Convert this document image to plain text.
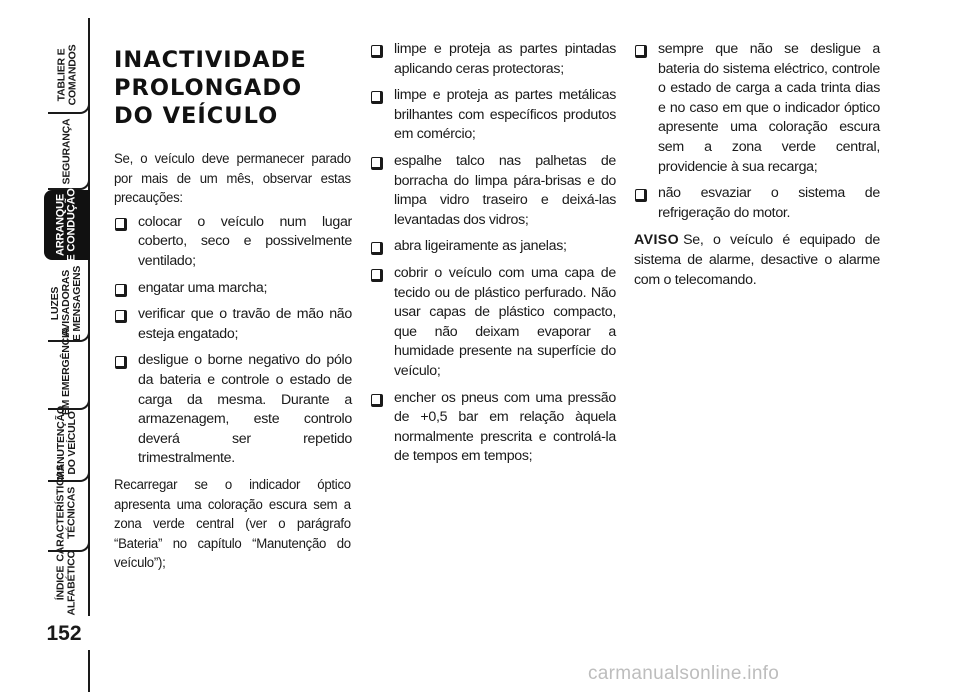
TABLIER E
COMANDOS
SEGURANÇA
ARRANQUE
E CONDUÇÃO
LUZES
AVISADORAS
E MENSAGENS
EM EMERGÊNCIA
MANUTENÇÃO
DO VEÍCULO
CARACTERÍSTICAS
TÉCNICAS
ÍNDICE
ALFABÉTICO
152
INACTIVIDADE
PROLONGADO
DO VEÍCULO

Se, o veículo deve permanecer parado por mais de um mês, observar estas precauções:

colocar o veículo num lugar coberto, seco e possivelmente ventilado;
engatar uma marcha;
verificar que o travão de mão não esteja engatado;
desligue o borne negativo do pólo da bateria e controle o estado de carga da mesma. Durante a armazenagem, este controlo deverá ser repetido trimestralmente.

Recarregar se o indicador óptico apresenta uma coloração escura sem a zona verde central (ver o parágrafo “Bateria” no capítulo “Manutenção do veículo”);

limpe e proteja as partes pintadas aplicando ceras protectoras;
limpe e proteja as partes metálicas brilhantes com específicos produtos em comércio;
espalhe talco nas palhetas de borracha do limpa pára-brisas e do limpa vidro traseiro e deixá-las levantadas dos vidros;
abra ligeiramente as janelas;
cobrir o veículo com uma capa de tecido ou de plástico perfurado. Não usar capas de plástico compacto, que não deixam evaporar a humidade presente na superfície do veículo;
encher os pneus com uma pressão de +0,5 bar em relação àquela normalmente prescrita e controlá-la de tempos em tempos;
sempre que não se desligue a bateria do sistema eléctrico, controle o estado de carga a cada trinta dias e no caso em que o indicador óptico apresente uma coloração escura sem a zona verde central, providencie à sua recarga;
não esvaziar o sistema de refrigeração do motor.
AVISO Se, o veículo é equipado de sistema de alarme, desactive o alarme com o telecomando.
carmanualsonline.info
